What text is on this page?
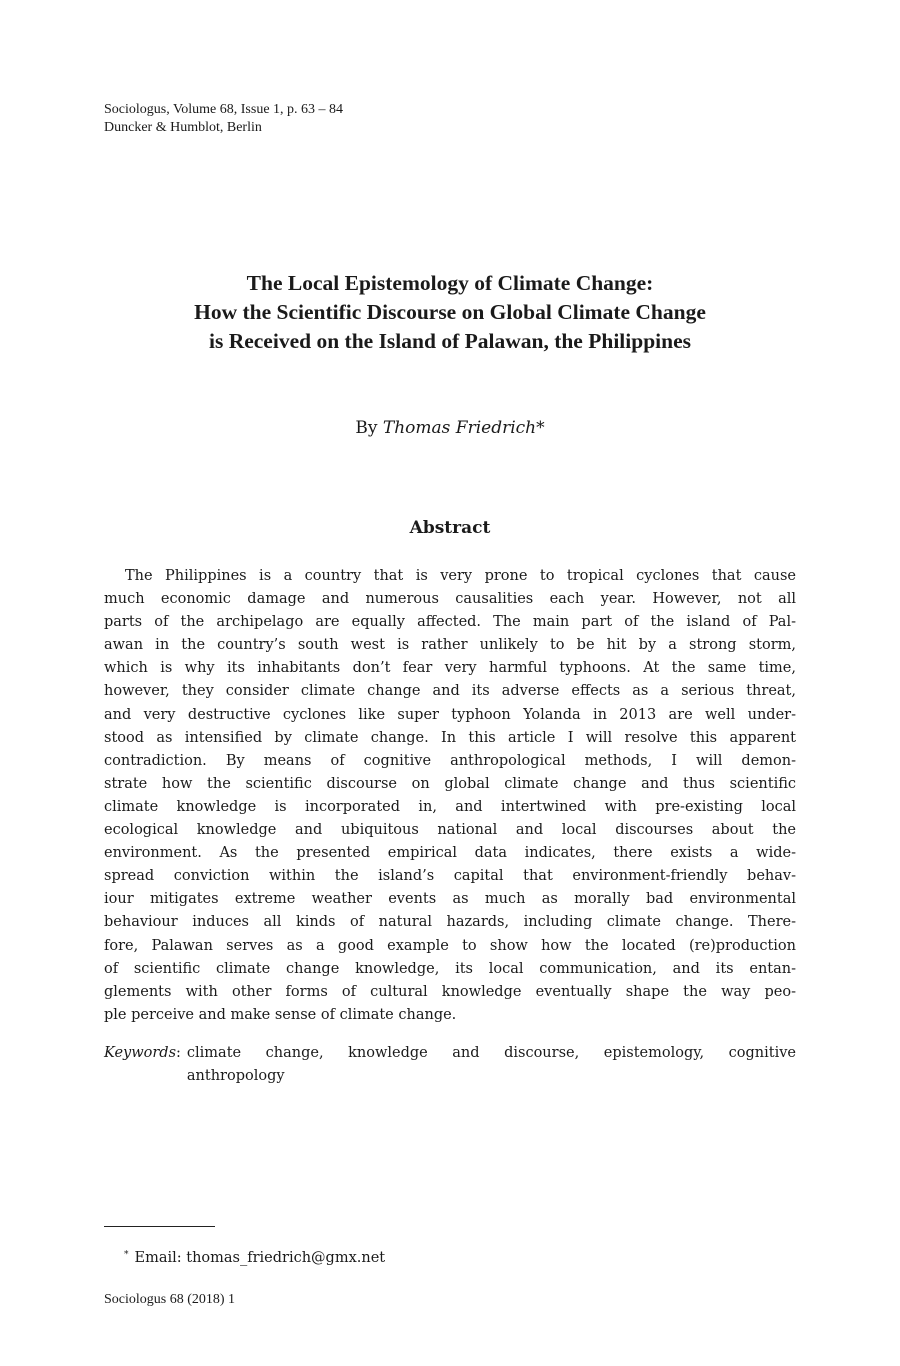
Sociologus, Volume 68, Issue 1, p. 63 – 84
Duncker & Humblot, Berlin
The Local Epistemology of Climate Change:
How the Scientific Discourse on Global Climate Change
is Received on the Island of Palawan, the Philippines
By Thomas Friedrich*
Abstract
The Philippines is a country that is very prone to tropical cyclones that cause
much economic damage and numerous causalities each year. However, not all
parts of the archipelago are equally affected. The main part of the island of Pal-
awan in the country’s south west is rather unlikely to be hit by a strong storm,
which is why its inhabitants don’t fear very harmful typhoons. At the same time,
however, they consider climate change and its adverse effects as a serious threat,
and very destructive cyclones like super typhoon Yolanda in 2013 are well under-
stood as intensified by climate change. In this article I will resolve this apparent
contradiction. By means of cognitive anthropological methods, I will demon-
strate how the scientific discourse on global climate change and thus scientific
climate knowledge is incorporated in, and intertwined with pre-existing local
ecological knowledge and ubiquitous national and local discourses about the
environment. As the presented empirical data indicates, there exists a wide-
spread conviction within the island’s capital that environment-friendly behav-
iour mitigates extreme weather events as much as morally bad environmental
behaviour induces all kinds of natural hazards, including climate change. There-
fore, Palawan serves as a good example to show how the located (re)production
of scientific climate change knowledge, its local communication, and its entan-
glements with other forms of cultural knowledge eventually shape the way peo-
ple perceive and make sense of climate change.
Keywords : climate change, knowledge and discourse, epistemology, cognitive
anthropology
* Email: thomas_friedrich@gmx.net
Sociologus 68 (2018) 1
